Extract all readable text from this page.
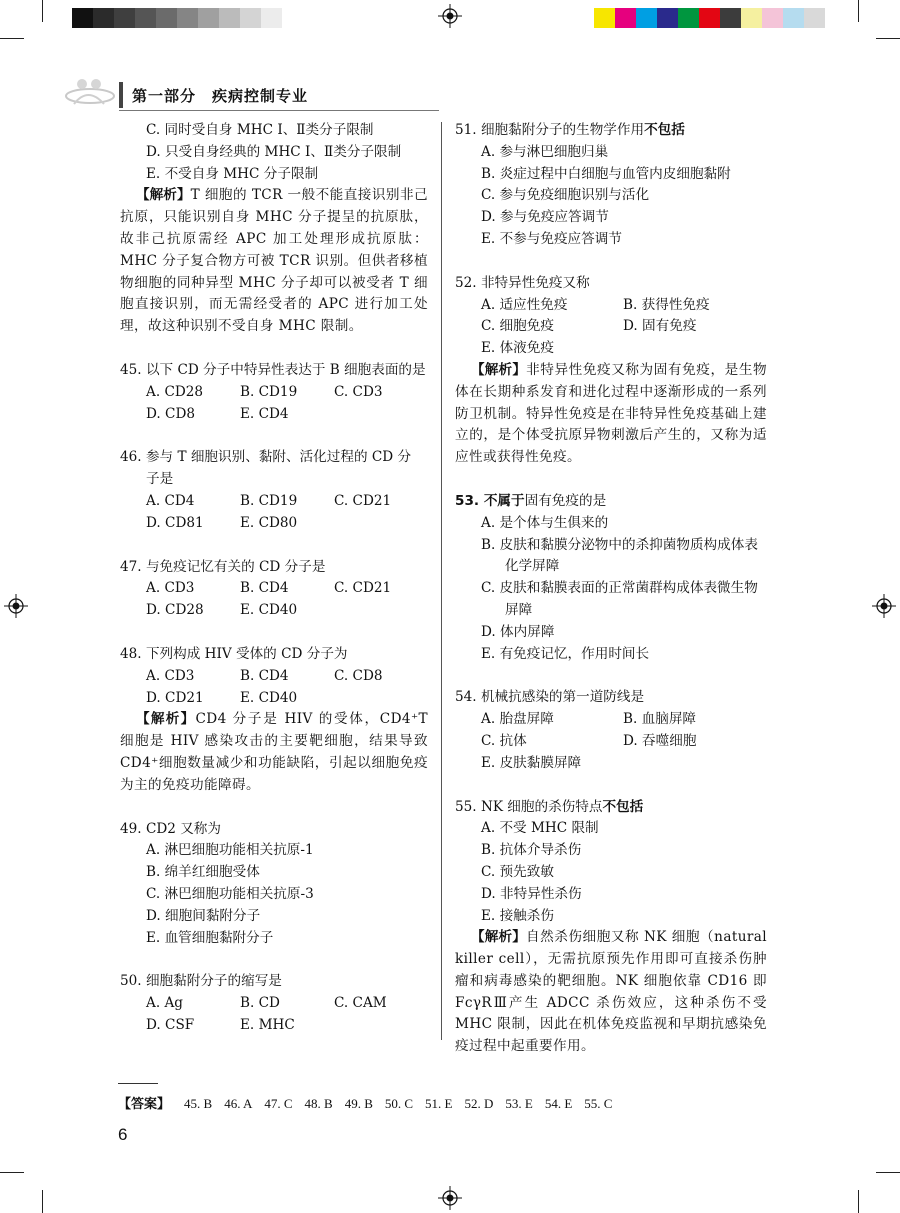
第一部分 疾病控制专业

C. 同时受自身 MHC Ⅰ、Ⅱ类分子限制

D. 只受自身经典的 MHC Ⅰ、Ⅱ类分子限制

E. 不受自身 MHC 分子限制

【解析】T 细胞的 TCR 一般不能直接识别非己抗原，只能识别自身 MHC 分子提呈的抗原肽，故非己抗原需经 APC 加工处理形成抗原肽：MHC 分子复合物方可被 TCR 识别。但供者移植物细胞的同种异型 MHC 分子却可以被受者 T 细胞直接识别，而无需经受者的 APC 进行加工处理，故这种识别不受自身 MHC 限制。

45. 以下 CD 分子中特异性表达于 B 细胞表面的是

A. CD28	B. CD19	C. CD3
D. CD8	E. CD4

46. 参与 T 细胞识别、黏附、活化过程的 CD 分

子是

A. CD4	B. CD19	C. CD21
D. CD81	E. CD80

47. 与免疫记忆有关的 CD 分子是

A. CD3	B. CD4	C. CD21
D. CD28	E. CD40

48. 下列构成 HIV 受体的 CD 分子为

A. CD3	B. CD4	C. CD8
D. CD21	E. CD40

【解析】CD4 分子是 HIV 的受体，CD4⁺T 细胞是 HIV 感染攻击的主要靶细胞，结果导致 CD4⁺细胞数量减少和功能缺陷，引起以细胞免疫为主的免疫功能障碍。

49. CD2 又称为

A. 淋巴细胞功能相关抗原-1

B. 绵羊红细胞受体

C. 淋巴细胞功能相关抗原-3

D. 细胞间黏附分子

E. 血管细胞黏附分子

50. 细胞黏附分子的缩写是

A. Ag	B. CD	C. CAM
D. CSF	E. MHC

51. 细胞黏附分子的生物学作用不包括

A. 参与淋巴细胞归巢

B. 炎症过程中白细胞与血管内皮细胞黏附

C. 参与免疫细胞识别与活化

D. 参与免疫应答调节

E. 不参与免疫应答调节

52. 非特异性免疫又称

A. 适应性免疫	B. 获得性免疫
C. 细胞免疫	D. 固有免疫

E. 体液免疫

【解析】非特异性免疫又称为固有免疫，是生物体在长期种系发育和进化过程中逐渐形成的一系列防卫机制。特异性免疫是在非特异性免疫基础上建立的，是个体受抗原异物刺激后产生的，又称为适应性或获得性免疫。

53. 不属于固有免疫的是

A. 是个体与生俱来的

B. 皮肤和黏膜分泌物中的杀抑菌物质构成体表化学屏障

C. 皮肤和黏膜表面的正常菌群构成体表微生物屏障

D. 体内屏障

E. 有免疫记忆，作用时间长

54. 机械抗感染的第一道防线是

A. 胎盘屏障	B. 血脑屏障
C. 抗体	D. 吞噬细胞

E. 皮肤黏膜屏障

55. NK 细胞的杀伤特点不包括

A. 不受 MHC 限制

B. 抗体介导杀伤

C. 预先致敏

D. 非特异性杀伤

E. 接触杀伤

【解析】自然杀伤细胞又称 NK 细胞（natural killer cell），无需抗原预先作用即可直接杀伤肿瘤和病毒感染的靶细胞。NK 细胞依靠 CD16 即 FcγRⅢ产生 ADCC 杀伤效应，这种杀伤不受 MHC 限制，因此在机体免疫监视和早期抗感染免疫过程中起重要作用。

【答案】 45. B 46. A 47. C 48. B 49. B 50. C 51. E 52. D 53. E 54. E 55. C
6
